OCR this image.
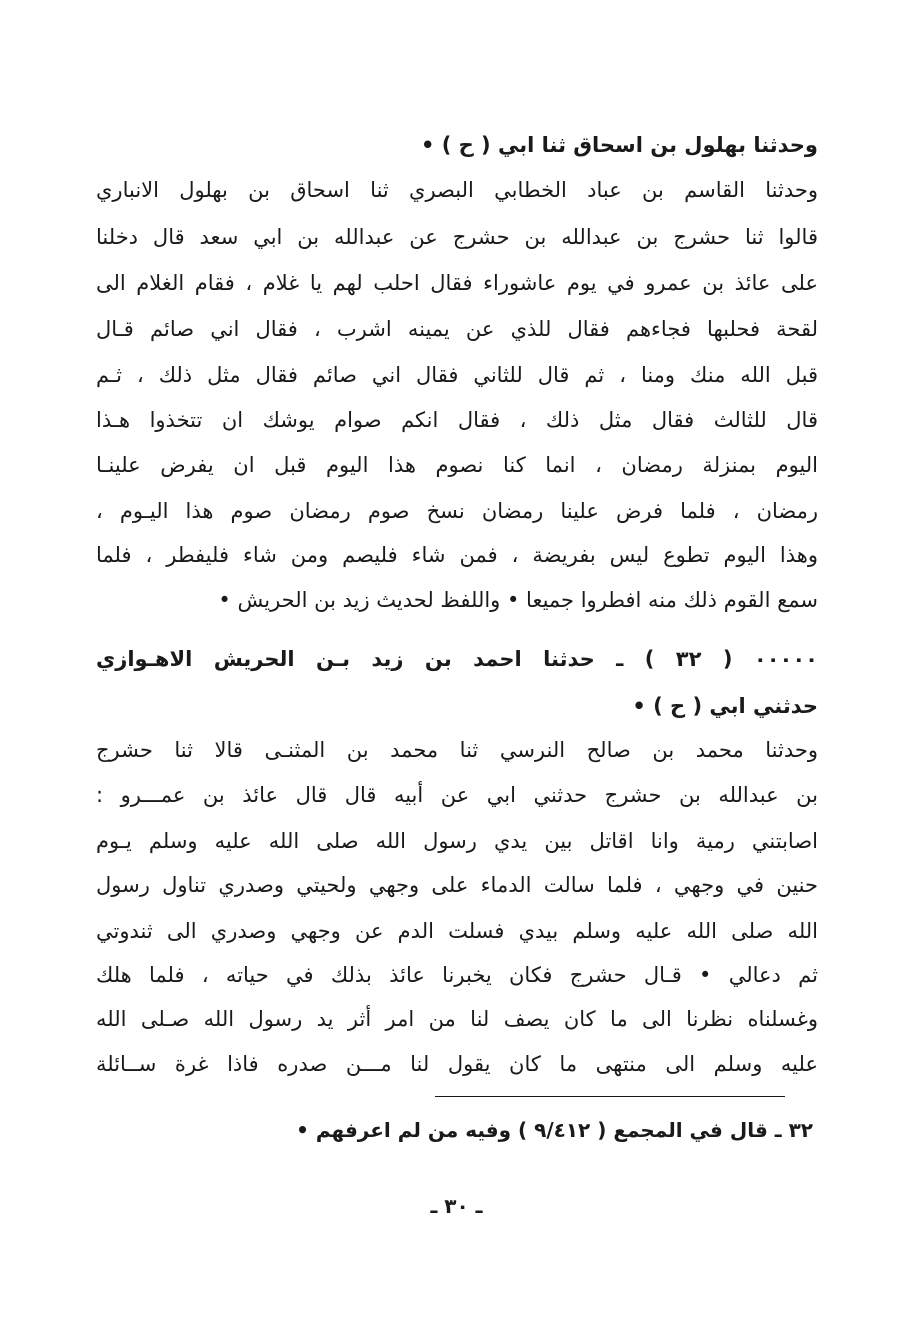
وحدثنا بهلول بن اسحاق ثنا ابي ( ح ) •
وحدثنا القاسم بن عباد الخطابي البصري ثنا اسحاق بن بهلول الانباري
قالوا ثنا حشرج بن عبدالله بن حشرج عن عبدالله بن ابي سعد قال دخلنا
على عائذ بن عمرو في يوم عاشوراء فقال احلب لهم يا غلام ، فقام الغلام الى
لقحة فحلبها فجاءهم فقال للذي عن يمينه اشرب ، فقال اني صائم قـال
قبل الله منك ومنا ، ثم قال للثاني فقال اني صائم فقال مثل ذلك ، ثـم
قال للثالث فقال مثل ذلك ، فقال انكم صوام يوشك ان تتخذوا هـذا
اليوم بمنزلة رمضان ، انما كنا نصوم هذا اليوم قبل ان يفرض علينـا
رمضان ، فلما فرض علينا رمضان نسخ صوم رمضان صوم هذا اليـوم ،
وهذا اليوم تطوع ليس بفريضة ، فمن شاء فليصم ومن شاء فليفطر ، فلما
سمع القوم ذلك منه افطروا جميعا • واللفظ لحديث زيد بن الحريش •
٠٠٠٠٠ ( ٣٢ ) ـ حدثنا احمد بن زيد بـن الحريش الاهـوازي
حدثني ابي ( ح ) •
وحدثنا محمد بن صالح النرسي ثنا محمد بن المثنـى قالا ثنا حشرج
بن عبدالله بن حشرج حدثني ابي عن أبيه قال قال عائذ بن عمـــرو :
اصابتني رمية وانا اقاتل بين يدي رسول الله صلى الله عليه وسلم يـوم
حنين في وجهي ، فلما سالت الدماء على وجهي ولحيتي وصدري تناول رسول
الله صلى الله عليه وسلم بيدي فسلت الدم عن وجهي وصدري الى ثندوتي
ثم دعالي • قـال حشرج فكان يخبرنا عائذ بذلك في حياته ، فلما هلك
وغسلناه نظرنا الى ما كان يصف لنا من امر أثر يد رسول الله صـلى الله
عليه وسلم الى منتهى ما كان يقول لنا مـــن صدره فاذا غرة ســائلة
٣٢ ـ قال في المجمع ( ٩/٤١٢ ) وفيه من لم اعرفهم •
ـ ٣٠ ـ
